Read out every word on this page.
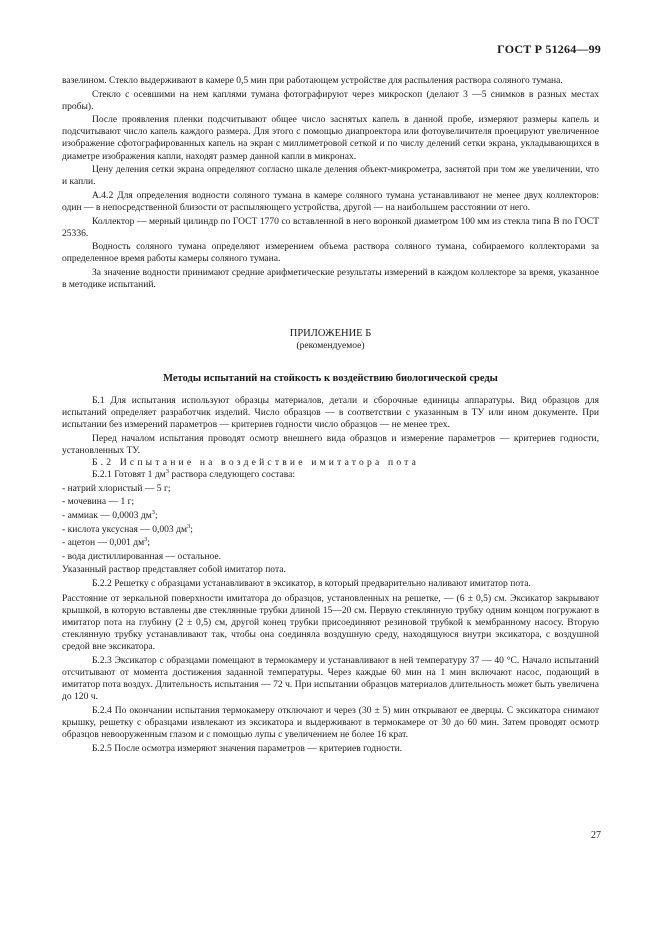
ГОСТ Р 51264—99

вазелином. Стекло выдерживают в камере 0,5 мин при работающем устройстве для распыления раствора соляного тумана.

Стекло с осевшими на нем каплями тумана фотографируют через микроскоп (делают 3 —5 снимков в разных местах пробы).

После проявления пленки подсчитывают общее число заснятых капель в данной пробе, измеряют размеры капель и подсчитывают число капель каждого размера. Для этого с помощью диапроектора или фотоувеличителя проецируют увеличенное изображение сфотографированных капель на экран с миллиметровой сеткой и по числу делений сетки экрана, укладывающихся в диаметре изображения капли, находят размер данной капли в микронах.

Цену деления сетки экрана определяют согласно шкале деления объект-микрометра, заснятой при том же увеличении, что и капли.

А.4.2 Для определения водности соляного тумана в камере соляного тумана устанавливают не менее двух коллекторов: один — в непосредственной близости от распыляющего устройства, другой — на наибольшем расстоянии от него.

Коллектор — мерный цилиндр по ГОСТ 1770 со вставленной в него воронкой диаметром 100 мм из стекла типа В по ГОСТ 25336.

Водность соляного тумана определяют измерением объема раствора соляного тумана, собираемого коллекторами за определенное время работы камеры соляного тумана.

За значение водности принимают средние арифметические результаты измерений в каждом коллекторе за время, указанное в методике испытаний.

ПРИЛОЖЕНИЕ Б

(рекомендуемое)

Методы испытаний на стойкость к воздействию биологической среды

Б.1 Для испытания используют образцы материалов, детали и сборочные единицы аппаратуры. Вид образцов для испытаний определяет разработчик изделий. Число образцов — в соответствии с указанным в ТУ или ином документе. При испытании без измерений параметров — критериев годности число образцов — не менее трех.

Перед началом испытания проводят осмотр внешнего вида образцов и измерение параметров — критериев годности, установленных ТУ.

Б.2 Испытание на воздействие имитатора пота

Б.2.1 Готовят 1 $дм^3$ раствора следующего состава:

- натрий хлористый — 5 г;

- мочевина — 1 г;

- аммиак — 0,0003 $дм^3$;

- кислота уксусная — 0,003 $дм^3$;

- ацетон — 0,001 $дм^3$;

- вода дистиллированная — остальное.

Указанный раствор представляет собой имитатор пота.

Б.2.2 Решетку с образцами устанавливают в эксикатор, в который предварительно наливают имитатор пота.

Расстояние от зеркальной поверхности имитатора до образцов, установленных на решетке, — (6 ± 0,5) см. Эксикатор закрывают крышкой, в которую вставлены две стеклянные трубки длиной 15—20 см. Первую стеклянную трубку одним концом погружают в имитатор пота на глубину (2 ± 0,5) см, другой конец трубки присоединяют резиновой трубкой к мембранному насосу. Вторую стеклянную трубку устанавливают так, чтобы она соединяла воздушную среду, находящуюся внутри эксикатора, с воздушной средой вне эксикатора.

Б.2.3 Эксикатор с образцами помещают в термокамеру и устанавливают в ней температуру 37 — 40 °С. Начало испытаний отсчитывают от момента достижения заданной температуры. Через каждые 60 мин на 1 мин включают насос, подающий в имитатор пота воздух. Длительность испытания — 72 ч. При испытании образцов материалов длительность может быть увеличена до 120 ч.

Б.2.4 По окончании испытания термокамеру отключают и через (30 ± 5) мин открывают ее дверцы. С эксикатора снимают крышку, решетку с образцами извлекают из эксикатора и выдерживают в термокамере от 30 до 60 мин. Затем проводят осмотр образцов невооруженным глазом и с помощью лупы с увеличением не более 16 крат.

Б.2.5 После осмотра измеряют значения параметров — критериев годности.

27
